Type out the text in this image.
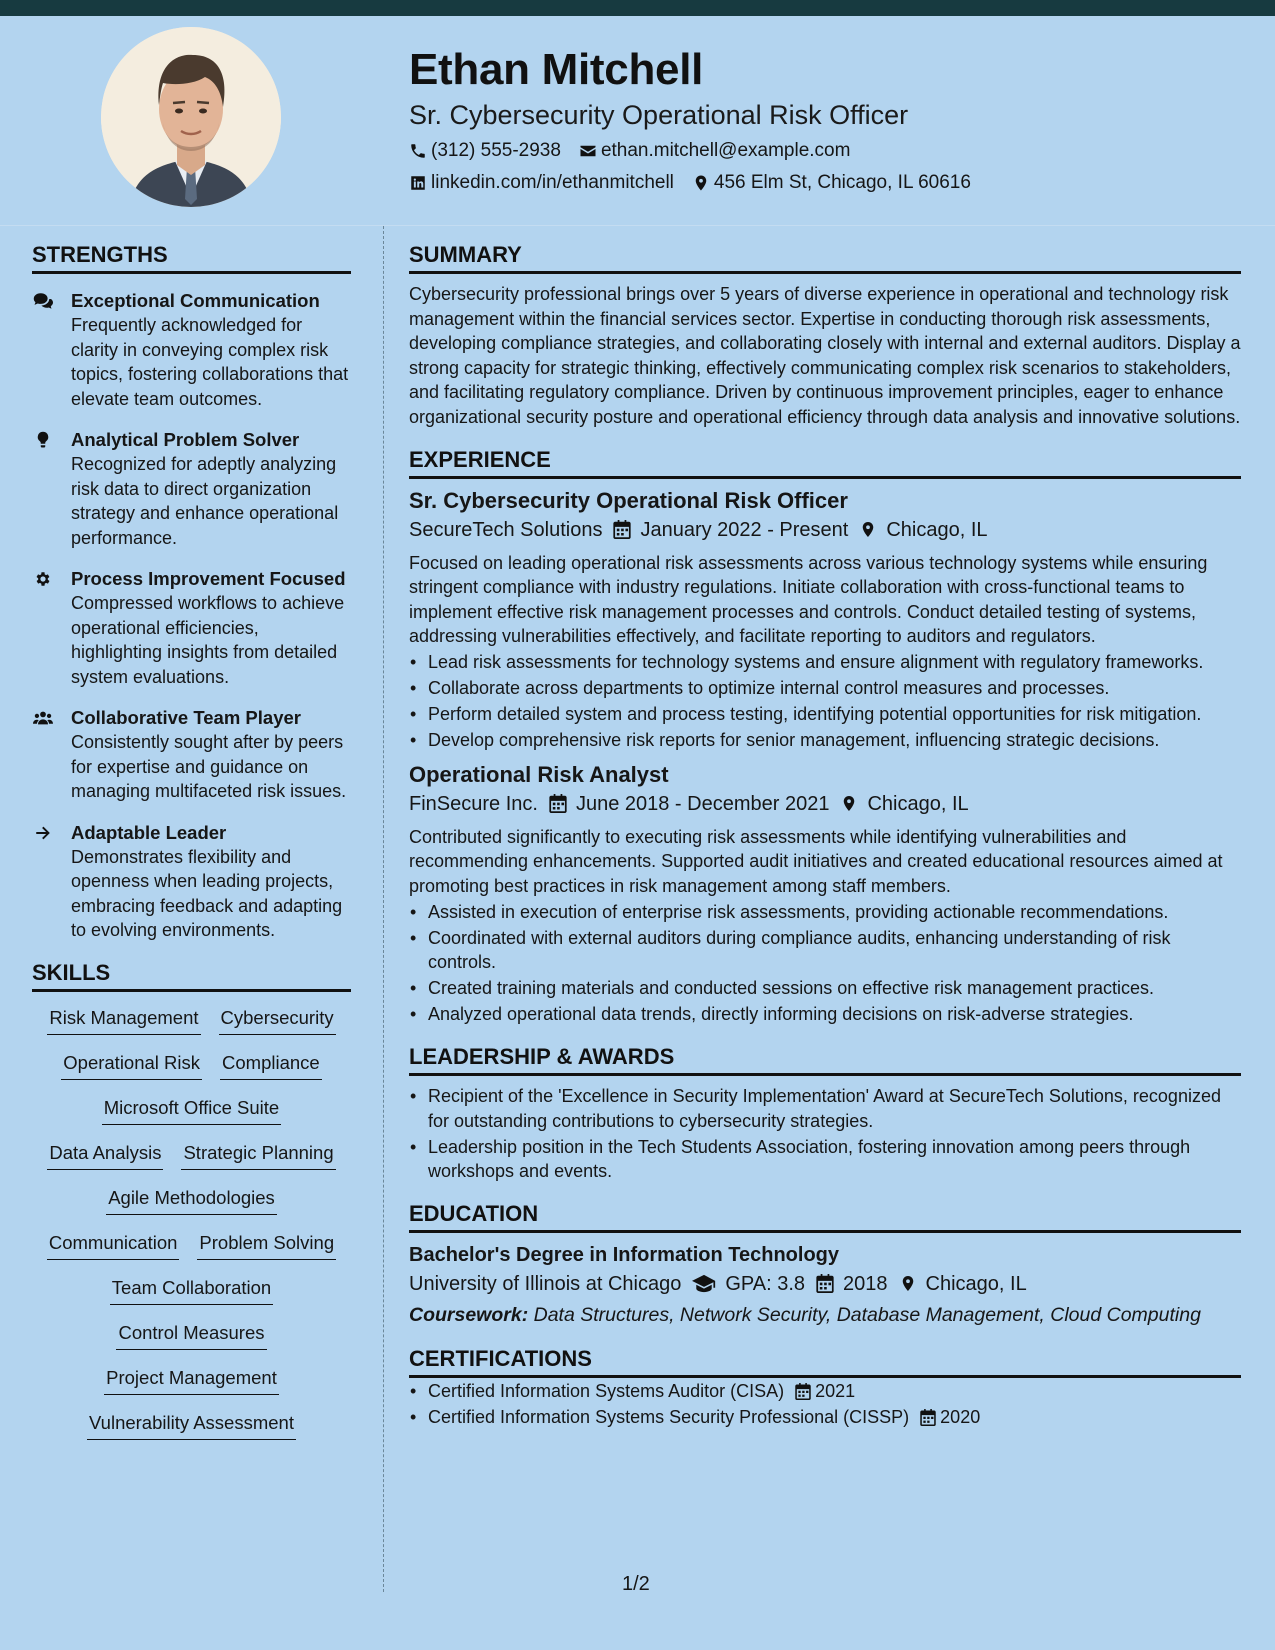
Ethan Mitchell
Sr. Cybersecurity Operational Risk Officer
(312) 555-2938 ethan.mitchell@example.com
linkedin.com/in/ethanmitchell 456 Elm St, Chicago, IL 60616
STRENGTHS
Exceptional Communication
Frequently acknowledged for clarity in conveying complex risk topics, fostering collaborations that elevate team outcomes.
Analytical Problem Solver
Recognized for adeptly analyzing risk data to direct organization strategy and enhance operational performance.
Process Improvement Focused
Compressed workflows to achieve operational efficiencies, highlighting insights from detailed system evaluations.
Collaborative Team Player
Consistently sought after by peers for expertise and guidance on managing multifaceted risk issues.
Adaptable Leader
Demonstrates flexibility and openness when leading projects, embracing feedback and adapting to evolving environments.
SKILLS
Risk Management Cybersecurity
Operational Risk Compliance
Microsoft Office Suite
Data Analysis Strategic Planning
Agile Methodologies
Communication Problem Solving
Team Collaboration
Control Measures
Project Management
Vulnerability Assessment
SUMMARY
Cybersecurity professional brings over 5 years of diverse experience in operational and technology risk management within the financial services sector. Expertise in conducting thorough risk assessments, developing compliance strategies, and collaborating closely with internal and external auditors. Display a strong capacity for strategic thinking, effectively communicating complex risk scenarios to stakeholders, and facilitating regulatory compliance. Driven by continuous improvement principles, eager to enhance organizational security posture and operational efficiency through data analysis and innovative solutions.
EXPERIENCE
Sr. Cybersecurity Operational Risk Officer
SecureTech Solutions January 2022 - Present Chicago, IL
Focused on leading operational risk assessments across various technology systems while ensuring stringent compliance with industry regulations. Initiate collaboration with cross-functional teams to implement effective risk management processes and controls. Conduct detailed testing of systems, addressing vulnerabilities effectively, and facilitate reporting to auditors and regulators.
• Lead risk assessments for technology systems and ensure alignment with regulatory frameworks.
• Collaborate across departments to optimize internal control measures and processes.
• Perform detailed system and process testing, identifying potential opportunities for risk mitigation.
• Develop comprehensive risk reports for senior management, influencing strategic decisions.
Operational Risk Analyst
FinSecure Inc. June 2018 - December 2021 Chicago, IL
Contributed significantly to executing risk assessments while identifying vulnerabilities and recommending enhancements. Supported audit initiatives and created educational resources aimed at promoting best practices in risk management among staff members.
• Assisted in execution of enterprise risk assessments, providing actionable recommendations.
• Coordinated with external auditors during compliance audits, enhancing understanding of risk controls.
• Created training materials and conducted sessions on effective risk management practices.
• Analyzed operational data trends, directly informing decisions on risk-adverse strategies.
LEADERSHIP & AWARDS
• Recipient of the 'Excellence in Security Implementation' Award at SecureTech Solutions, recognized for outstanding contributions to cybersecurity strategies.
• Leadership position in the Tech Students Association, fostering innovation among peers through workshops and events.
EDUCATION
Bachelor's Degree in Information Technology
University of Illinois at Chicago GPA: 3.8 2018 Chicago, IL
Coursework: Data Structures, Network Security, Database Management, Cloud Computing
CERTIFICATIONS
• Certified Information Systems Auditor (CISA) 2021
• Certified Information Systems Security Professional (CISSP) 2020
1/2
